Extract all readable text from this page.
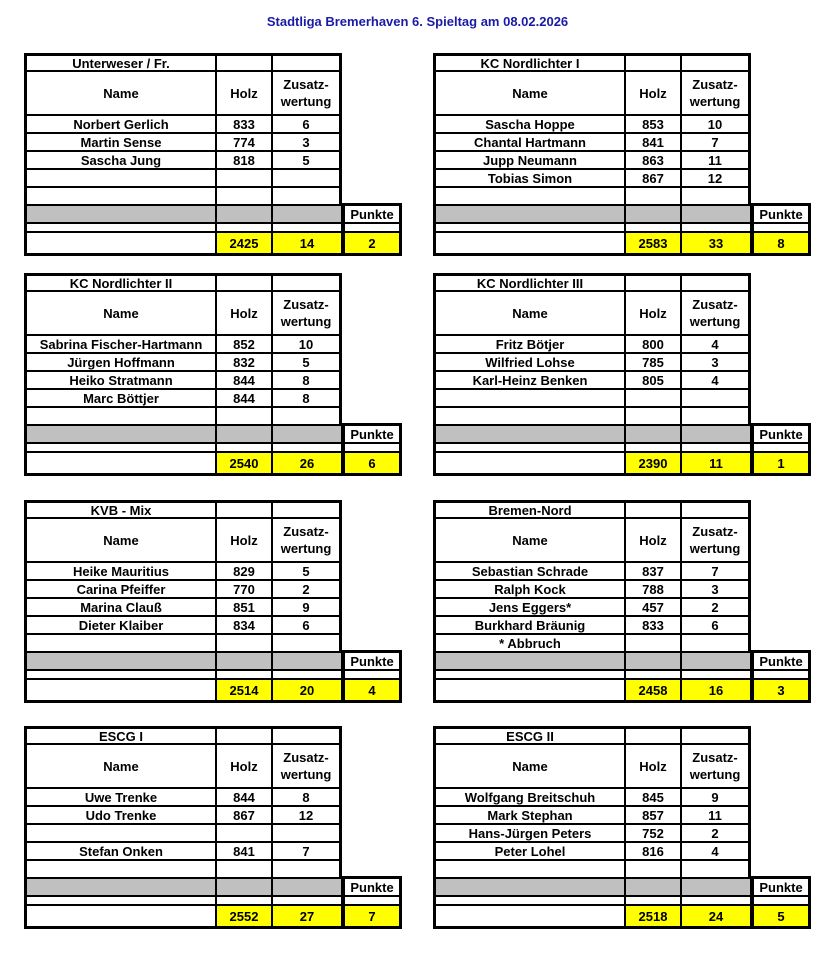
Stadtliga Bremerhaven 6. Spieltag am 08.02.2026
Unterweser / Fr.
Name	Holz
Zusatz-
wertung
Norbert Gerlich	833	6
Martin Sense	774	3
Sascha Jung	818	5
Punkte
2425	14	2
KC Nordlichter I
Name	Holz
Zusatz-
wertung
Sascha Hoppe	853	10
Chantal Hartmann	841	7
Jupp Neumann	863	11
Tobias Simon	867	12
Punkte
2583	33	8
KC Nordlichter II
Name	Holz
Zusatz-
wertung
Sabrina Fischer-Hartmann	852	10
Jürgen Hoffmann	832	5
Heiko Stratmann	844	8
Marc Böttjer	844	8
Punkte
2540	26	6
KC Nordlichter III
Name	Holz
Zusatz-
wertung
Fritz Bötjer	800	4
Wilfried Lohse	785	3
Karl-Heinz Benken	805	4
Punkte
2390	11	1
KVB - Mix
Name	Holz
Zusatz-
wertung
Heike Mauritius	829	5
Carina Pfeiffer	770	2
Marina Clauß	851	9
Dieter Klaiber	834	6
Punkte
2514	20	4
Bremen-Nord
Name	Holz
Zusatz-
wertung
Sebastian Schrade	837	7
Ralph Kock	788	3
Jens Eggers*	457	2
Burkhard Bräunig	833	6
* Abbruch
Punkte
2458	16	3
ESCG I
Name	Holz
Zusatz-
wertung
Uwe Trenke	844	8
Udo Trenke	867	12
Stefan Onken	841	7
Punkte
2552	27	7
ESCG II
Name	Holz
Zusatz-
wertung
Wolfgang Breitschuh	845	9
Mark Stephan	857	11
Hans-Jürgen Peters	752	2
Peter Lohel	816	4
Punkte
2518	24	5
